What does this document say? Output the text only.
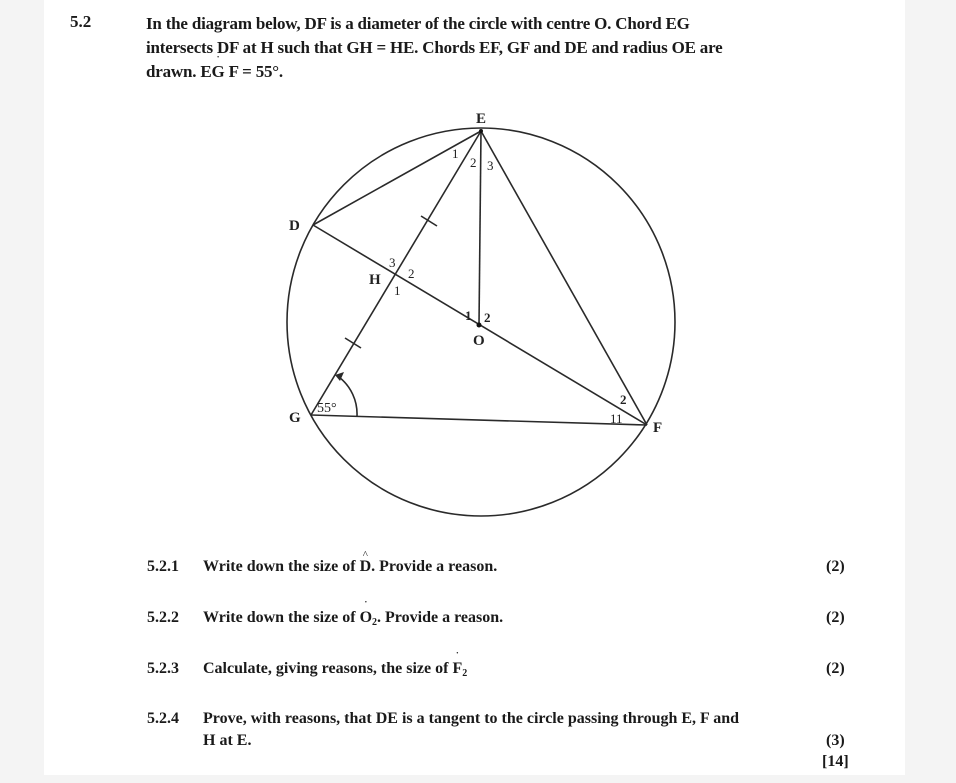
5.2	In the diagram below, DF is a diameter of the circle with centre O. Chord EG
intersects DF at H such that GH = HE. Chords EF, GF and DE and radius OE are
drawn. E˙ G F = 55°.
E
D
H
O
G
F
1
2 3
3
2
1
1 2
2
11
55°
5.2.1 Write down the size of ^ D. Provide a reason.	(2)
5.2.2 Write down the size of ˙ $O_2$. Provide a reason.	(2)
5.2.3 Calculate, giving reasons, the size of ˙ $F_2$	(2)
5.2.4 Prove, with reasons, that DE is a tangent to the circle passing through E, F and
H at E.	(3)
[14]
